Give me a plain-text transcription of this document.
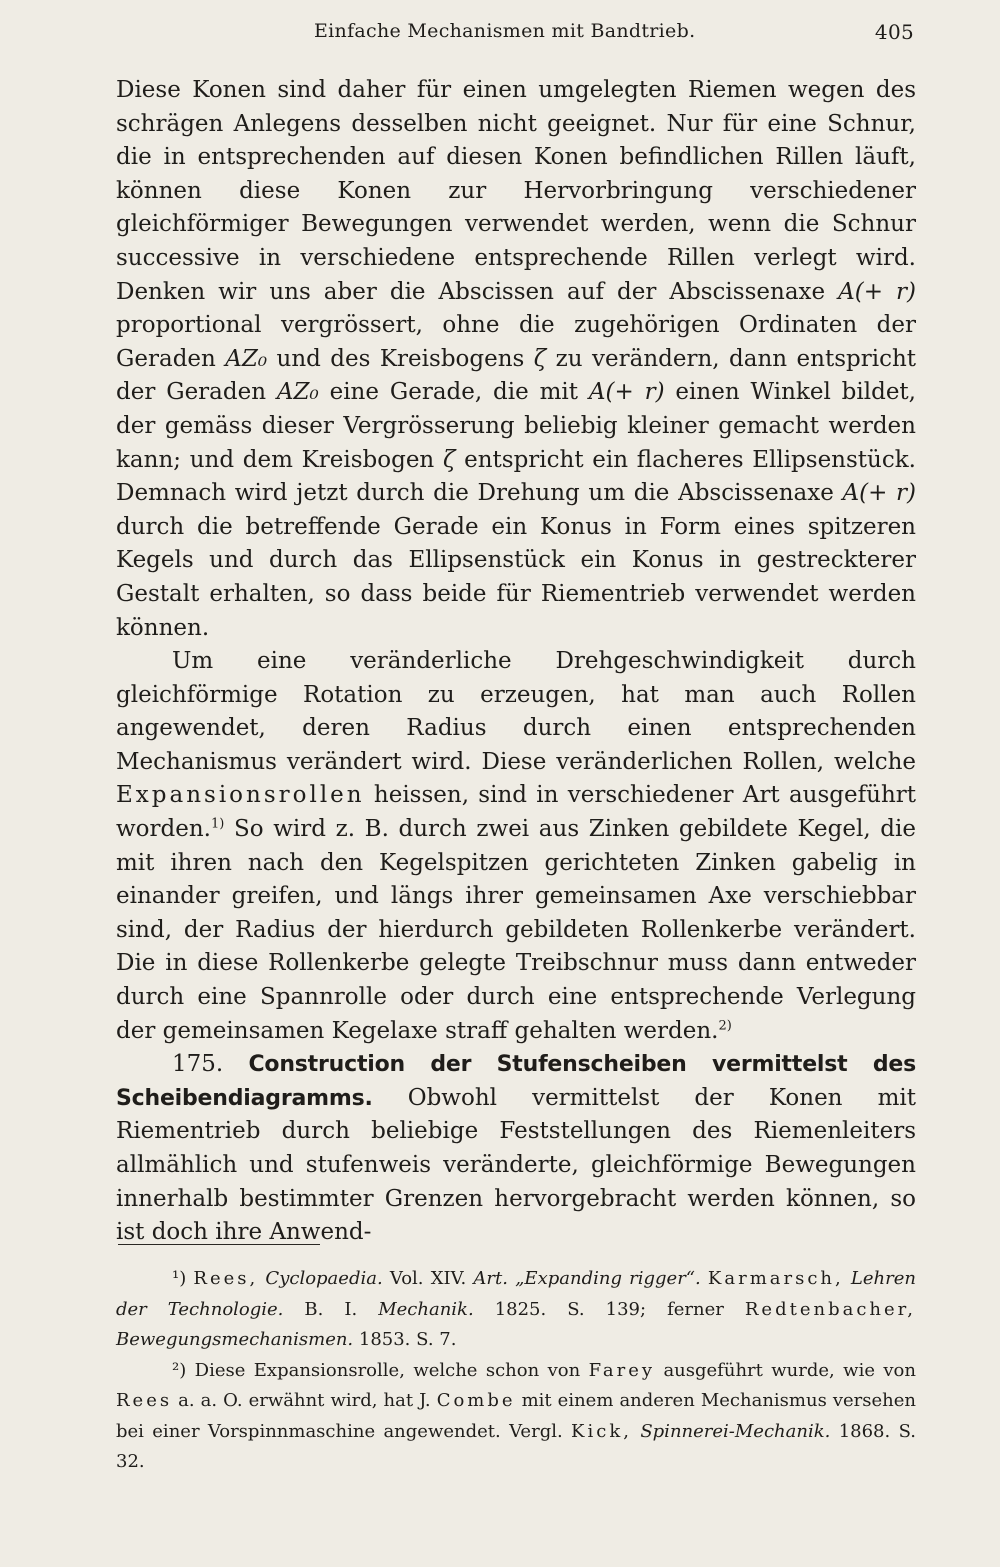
Einfache Mechanismen mit Bandtrieb.	405

Diese Konen sind daher für einen umgelegten Riemen wegen des schrägen Anlegens desselben nicht geeignet. Nur für eine Schnur, die in entsprechenden auf diesen Konen befindlichen Rillen läuft, können diese Konen zur Hervorbringung verschiedener gleichförmiger Bewegungen verwendet werden, wenn die Schnur successive in verschiedene entsprechende Rillen verlegt wird. Denken wir uns aber die Abscissen auf der Abscissenaxe A(+ r) proportional vergrössert, ohne die zugehörigen Ordinaten der Geraden AZ₀ und des Kreisbogens ζ zu verändern, dann entspricht der Geraden AZ₀ eine Gerade, die mit A(+ r) einen Winkel bildet, der gemäss dieser Vergrösserung beliebig kleiner gemacht werden kann; und dem Kreisbogen ζ entspricht ein flacheres Ellipsenstück. Demnach wird jetzt durch die Drehung um die Abscissenaxe A(+ r) durch die betreffende Gerade ein Konus in Form eines spitzeren Kegels und durch das Ellipsenstück ein Konus in gestreckterer Gestalt erhalten, so dass beide für Riementrieb verwendet werden können.

Um eine veränderliche Drehgeschwindigkeit durch gleichförmige Rotation zu erzeugen, hat man auch Rollen angewendet, deren Radius durch einen entsprechenden Mechanismus verändert wird. Diese veränderlichen Rollen, welche Expansionsrollen heissen, sind in verschiedener Art ausgeführt worden.$^{1)}$ So wird z. B. durch zwei aus Zinken gebildete Kegel, die mit ihren nach den Kegelspitzen gerichteten Zinken gabelig in einander greifen, und längs ihrer gemeinsamen Axe verschiebbar sind, der Radius der hierdurch gebildeten Rollenkerbe verändert. Die in diese Rollenkerbe gelegte Treibschnur muss dann entweder durch eine Spannrolle oder durch eine entsprechende Verlegung der gemeinsamen Kegelaxe straff gehalten werden.$^{2)}$

175. Construction der Stufenscheiben vermittelst des Scheibendiagramms. Obwohl vermittelst der Konen mit Riementrieb durch beliebige Feststellungen des Riemenleiters allmählich und stufenweis veränderte, gleichförmige Bewegungen innerhalb bestimmter Grenzen hervorgebracht werden können, so ist doch ihre Anwend-

¹) Rees, Cyclopaedia. Vol. XIV. Art. „Expanding rigger“. Karmarsch, Lehren der Technologie. B. I. Mechanik. 1825. S. 139; ferner Redtenbacher, Bewegungsmechanismen. 1853. S. 7.

²) Diese Expansionsrolle, welche schon von Farey ausgeführt wurde, wie von Rees a. a. O. erwähnt wird, hat J. Combe mit einem anderen Mechanismus versehen bei einer Vorspinnmaschine angewendet. Vergl. Kick, Spinnerei-Mechanik. 1868. S. 32.
